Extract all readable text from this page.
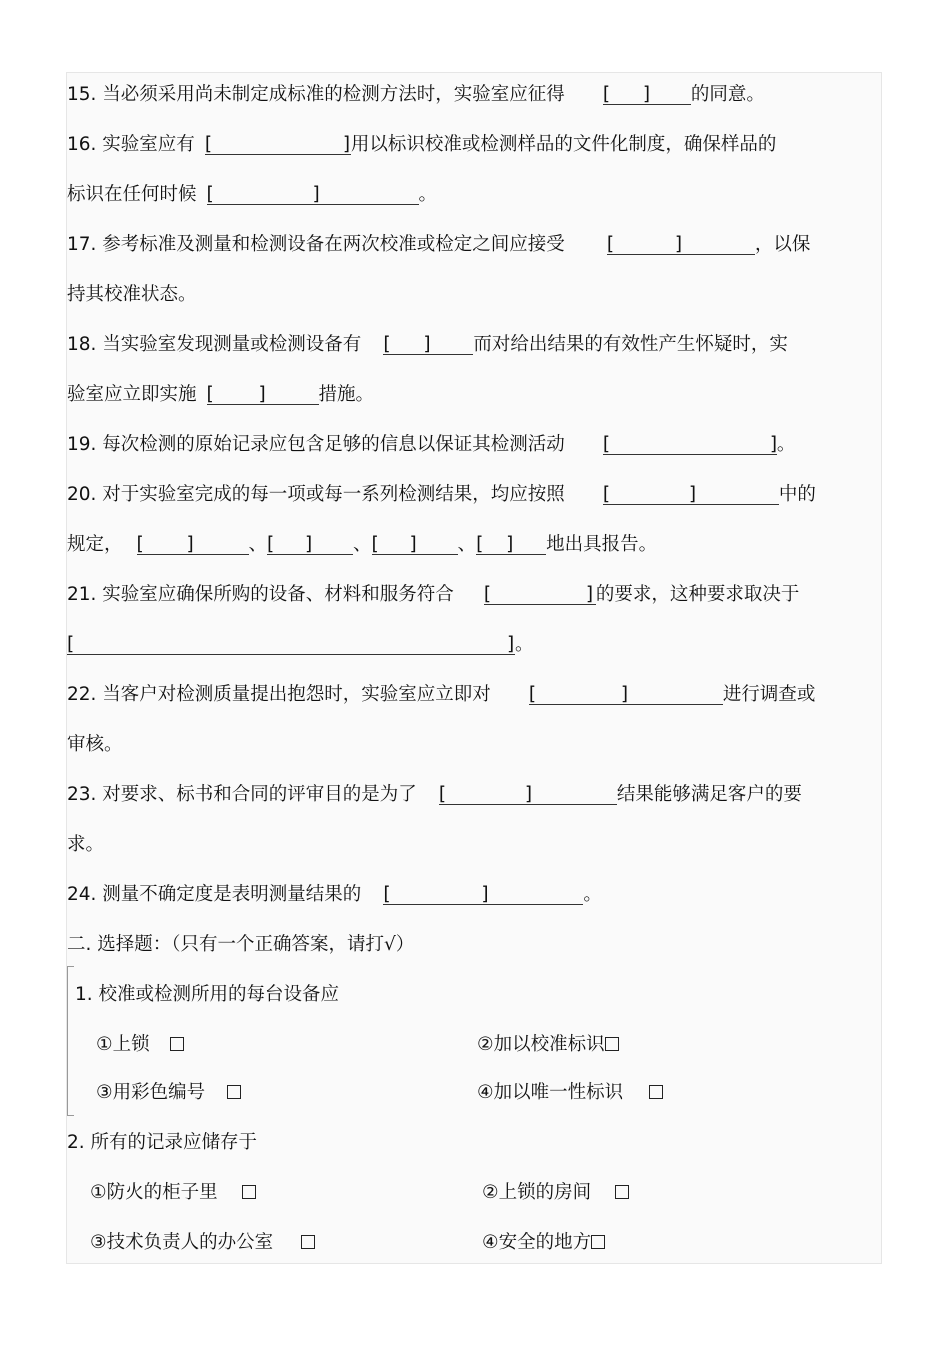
15. 当必须采用尚未制定成标准的检测方法时，实验室应征得 [ ] 的同意。
16. 实验室应有 [	] 用以标识校准或检测样品的文件化制度，确保样品的
标识在任何时候 [	]	。
17. 参考标准及测量和检测设备在两次校准或检定之间应接受 [	]	，以保
持其校准状态。
18. 当实验室发现测量或检测设备有 [ ] 而对给出结果的有效性产生怀疑时，实
验室应立即实施 [ ]	措施。
19. 每次检测的原始记录应包含足够的信息以保证其检测活动 [	] 。
20. 对于实验室完成的每一项或每一系列检测结果，均应按照 [	]	中的
规定， [ ]	、 [ ] 、 [ ] 、 [ ] 地出具报告。
21. 实验室应确保所购的设备、材料和服务符合 [	] 的要求，这种要求取决于
[	] 。
22. 当客户对检测质量提出抱怨时，实验室应立即对 [	]	进行调查或
审核。
23. 对要求、标书和合同的评审目的是为了 [	]	结果能够满足客户的要
求。
24. 测量不确定度是表明测量结果的 [	]	。
二. 选择题：（只有一个正确答案，请打√）
1. 校准或检测所用的每台设备应
①上锁	②加以校准标识
③用彩色编号	④加以唯一性标识
2. 所有的记录应储存于
①防火的柜子里	②上锁的房间
③技术负责人的办公室	④安全的地方
